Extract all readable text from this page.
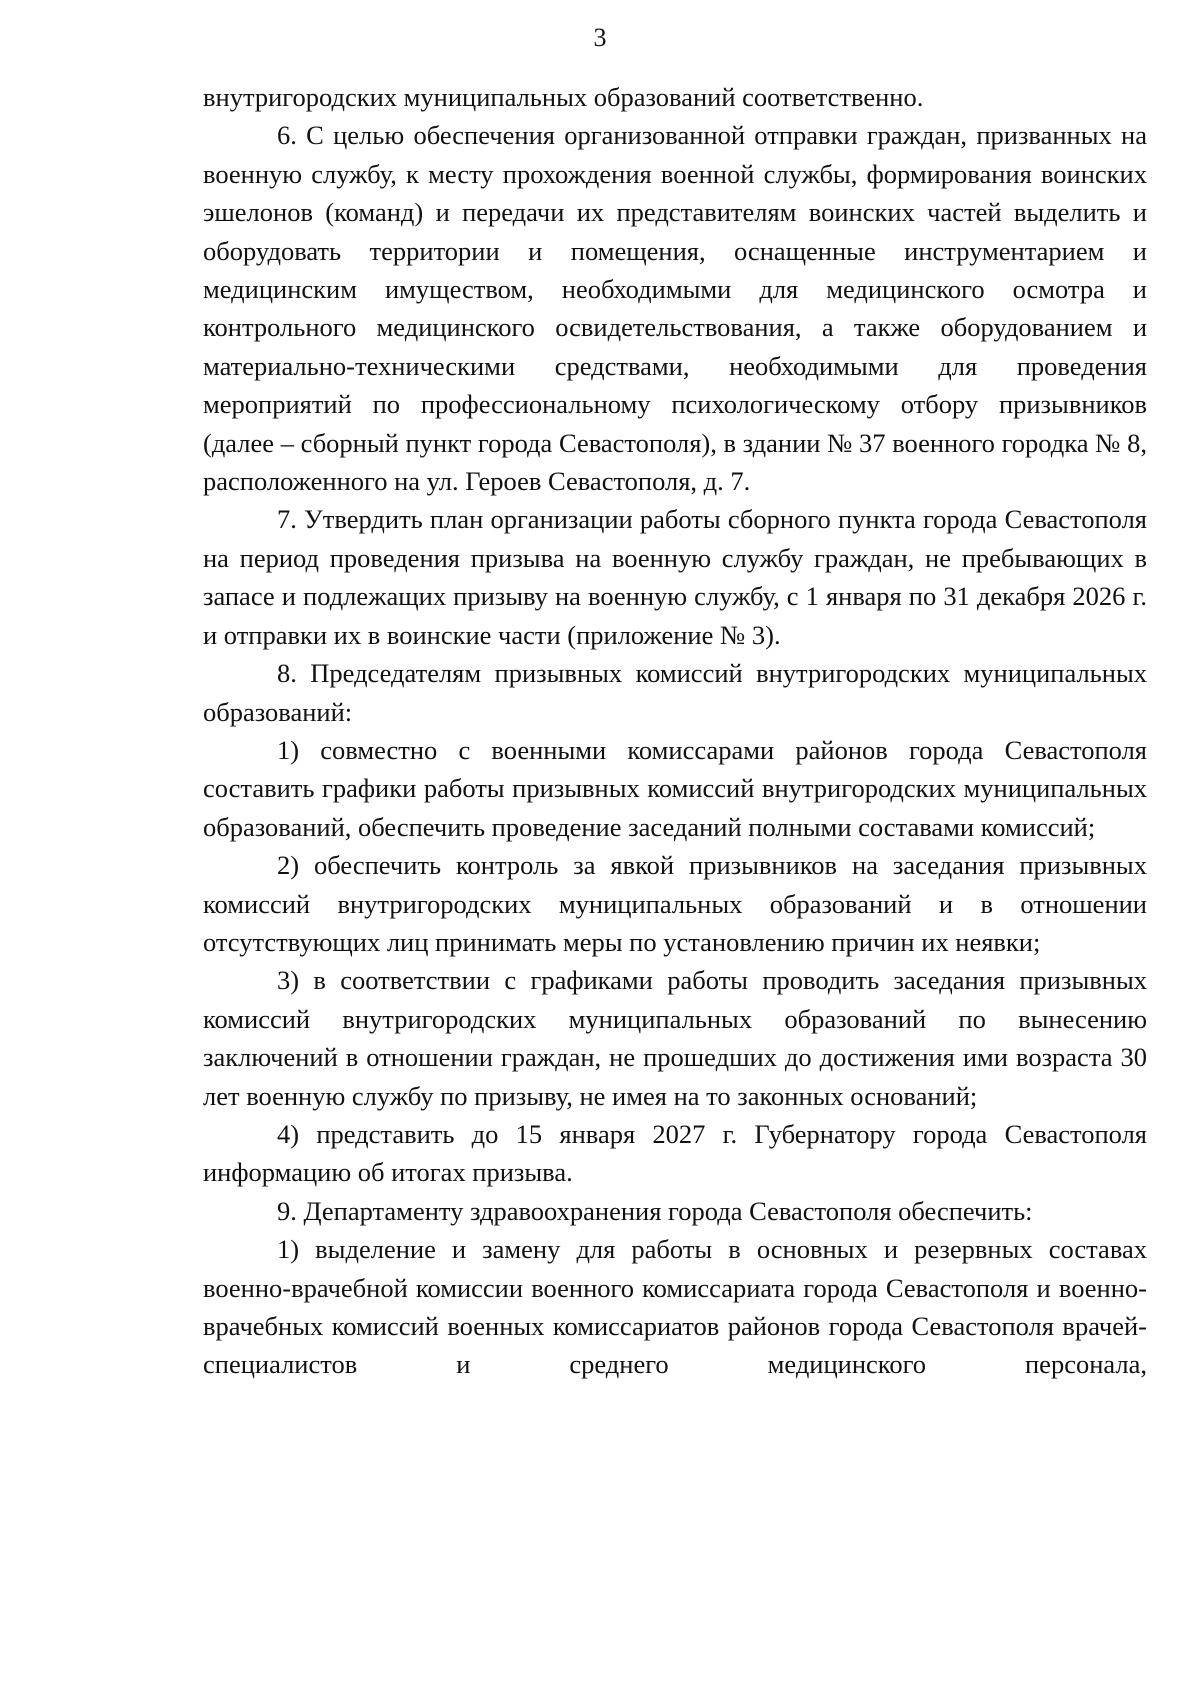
3

внутригородских муниципальных образований соответственно.

6. С целью обеспечения организованной отправки граждан, призванных на военную службу, к месту прохождения военной службы, формирования воинских эшелонов (команд) и передачи их представителям воинских частей выделить и оборудовать территории и помещения, оснащенные инструментарием и медицинским имуществом, необходимыми для медицинского осмотра и контрольного медицинского освидетельствования, а также оборудованием и материально-техническими средствами, необходимыми для проведения мероприятий по профессиональному психологическому отбору призывников (далее – сборный пункт города Севастополя), в здании № 37 военного городка № 8, расположенного на ул. Героев Севастополя, д. 7.

7. Утвердить план организации работы сборного пункта города Севастополя на период проведения призыва на военную службу граждан, не пребывающих в запасе и подлежащих призыву на военную службу, с 1 января по 31 декабря 2026 г. и отправки их в воинские части (приложение № 3).

8. Председателям призывных комиссий внутригородских муниципальных образований:

1) совместно с военными комиссарами районов города Севастополя составить графики работы призывных комиссий внутригородских муниципальных образований, обеспечить проведение заседаний полными составами комиссий;

2) обеспечить контроль за явкой призывников на заседания призывных комиссий внутригородских муниципальных образований и в отношении отсутствующих лиц принимать меры по установлению причин их неявки;

3) в соответствии с графиками работы проводить заседания призывных комиссий внутригородских муниципальных образований по вынесению заключений в отношении граждан, не прошедших до достижения ими возраста 30 лет военную службу по призыву, не имея на то законных оснований;

4) представить до 15 января 2027 г. Губернатору города Севастополя информацию об итогах призыва.

9. Департаменту здравоохранения города Севастополя обеспечить:

1) выделение и замену для работы в основных и резервных составах военно-врачебной комиссии военного комиссариата города Севастополя и военно-врачебных комиссий военных комиссариатов районов города Севастополя врачей-специалистов и среднего медицинского персонала,
